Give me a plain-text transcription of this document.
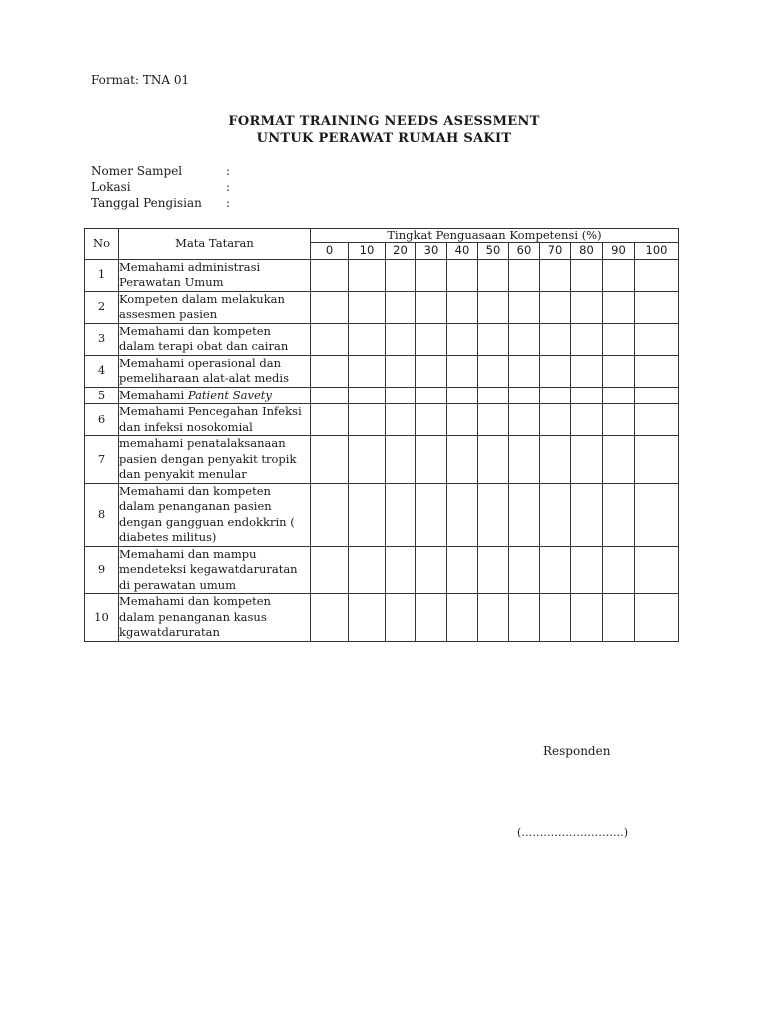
Format: TNA 01
FORMAT TRAINING NEEDS ASESSMENT
UNTUK PERAWAT RUMAH SAKIT
Nomer Sampel	:
Lokasi	:
Tanggal Pengisian :
No	Mata Tataran	Tingkat Penguasaan Kompetensi (%)										
		0	10	20	30	40	50	60	70	80	90	100
1	Memahami administrasi Perawatan Umum											
2	Kompeten dalam melakukan assesmen pasien											
3	Memahami dan kompeten dalam terapi obat dan cairan											
4	Memahami operasional dan pemeliharaan alat-alat medis											
5	Memahami Patient Savety											
6	Memahami Pencegahan Infeksi dan infeksi nosokomial											
7	memahami penatalaksanaan pasien dengan penyakit tropik dan penyakit menular											
8	Memahami dan kompeten dalam penanganan pasien dengan gangguan endokkrin ( diabetes militus)											
9	Memahami dan mampu mendeteksi kegawatdaruratan di perawatan umum											
10	Memahami dan kompeten dalam penanganan kasus kgawatdaruratan											
Responden
(……………………….)
